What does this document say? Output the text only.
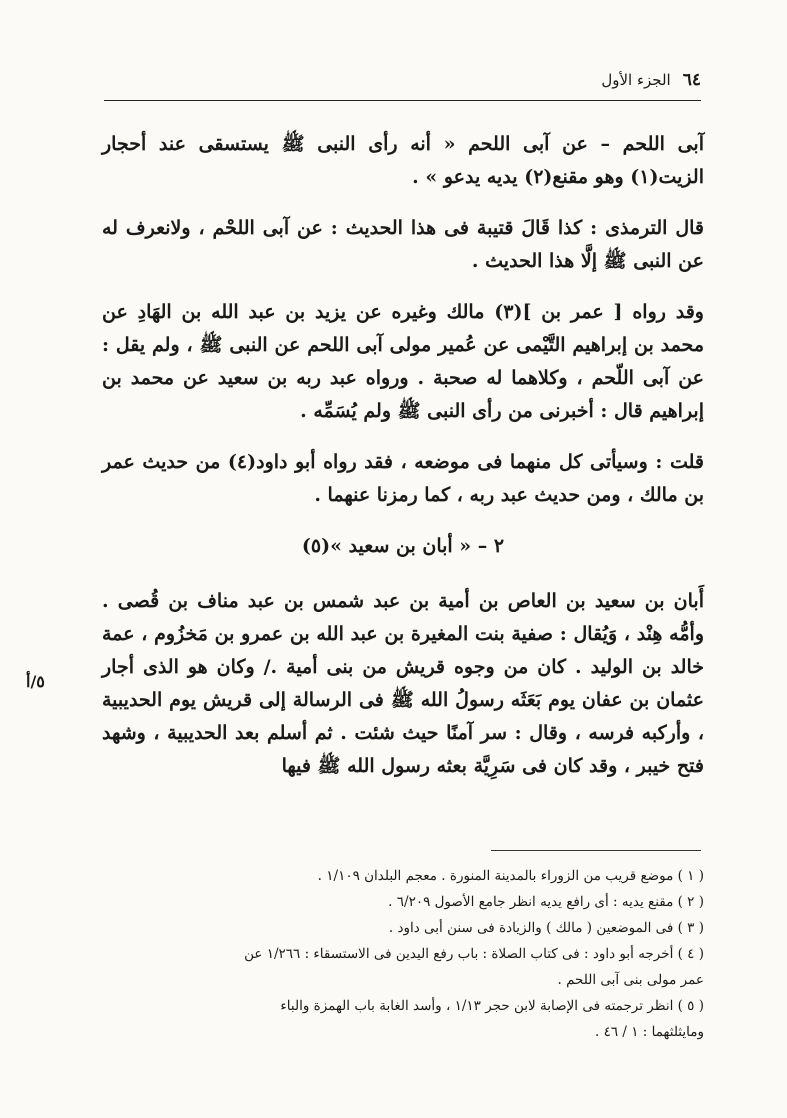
٦٤
الجزء الأول
٥/أ

آبى اللحم – عن آبى اللحم « أنه رأى النبى ﷺ يستسقى عند أحجار الزيت(١) وهو مقنع(٢) يديه يدعو » .

قال الترمذى : كذا قَالَ قتيبة فى هذا الحديث : عن آبى اللحْم ، ولانعرف له عن النبى ﷺ إلَّا هذا الحديث .

وقد رواه [ عمر بن ](٣) مالك وغيره عن يزيد بن عبد الله بن الهَادِ عن محمد بن إبراهيم التَّيْمى عن عُمير مولى آبى اللحم عن النبى ﷺ ، ولم يقل : عن آبى اللّحم ، وكلاهما له صحبة . ورواه عبد ربه بن سعيد عن محمد بن إبراهيم قال : أخبرنى من رأى النبى ﷺ ولم يُسَمِّه .

قلت : وسيأتى كل منهما فى موضعه ، فقد رواه أبو داود(٤) من حديث عمر بن مالك ، ومن حديث عبد ربه ، كما رمزنا عنهما .

٢ – « أبان بن سعيد »(٥)

أَبان بن سعيد بن العاص بن أمية بن عبد شمس بن عبد مناف بن قُصى . وأمُّه هِنْد ، وَيُقال : صفية بنت المغيرة بن عبد الله بن عمرو بن مَخزُوم ، عمة خالد بن الوليد . كان من وجوه قريش من بنى أمية ./ وكان هو الذى أجار عثمان بن عفان يوم بَعَثَه رسولُ الله ﷺ فى الرسالة إلى قريش يوم الحديبية ، وأركبه فرسه ، وقال : سر آمنًا حيث شئت . ثم أسلم بعد الحديبية ، وشهد فتح خيبر ، وقد كان فى سَرِيَّة بعثه رسول الله ﷺ فيها

( ١ ) موضع قريب من الزوراء بالمدينة المنورة . معجم البلدان ١/١٠٩ .

( ٢ ) مقنع يديه : أى رافع يديه انظر جامع الأصول ٦/٢٠٩ .

( ٣ ) فى الموضعين ( مالك ) والزيادة فى سنن أبى داود .

( ٤ ) أخرجه أبو داود : فى كتاب الصلاة : باب رفع اليدين فى الاستسقاء : ١/٢٦٦ عن

عمر مولى بنى آبى اللحم .

( ٥ ) انظر ترجمته فى الإصابة لابن حجر ١/١٣ ، وأسد الغابة باب الهمزة والباء

ومايثلثهما : ١ / ٤٦ .
